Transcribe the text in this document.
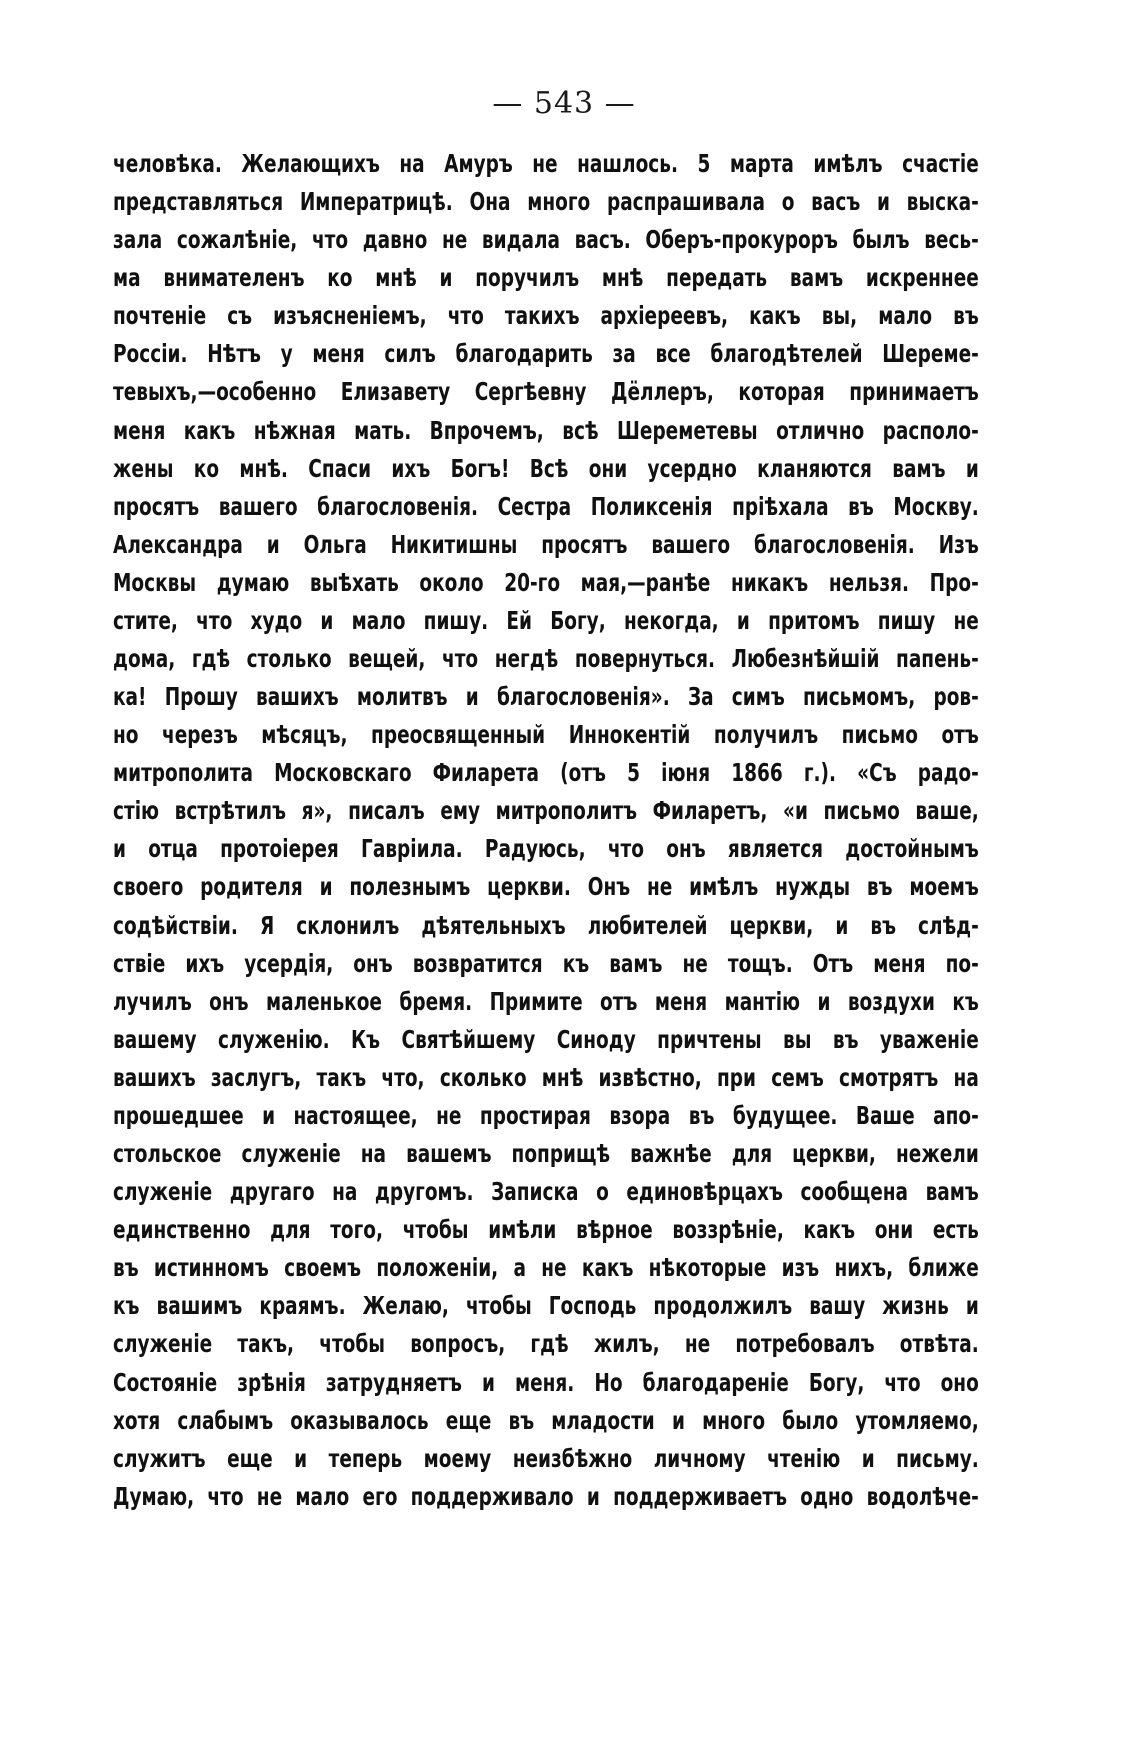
— 543 —
человѣка. Желающихъ на Амуръ не нашлось. 5 марта имѣлъ счастіе
представляться Императрицѣ. Она много распрашивала о васъ и выска-
зала сожалѣніе, что давно не видала васъ. Оберъ-прокуроръ былъ весь-
ма внимателенъ ко мнѣ и поручилъ мнѣ передать вамъ искреннее
почтеніе съ изъясненіемъ, что такихъ архіереевъ, какъ вы, мало въ
Россіи. Нѣтъ у меня силъ благодарить за все благодѣтелей Шереме-
тевыхъ,—особенно Елизавету Сергѣевну Дёллеръ, которая принимаетъ
меня какъ нѣжная мать. Впрочемъ, всѣ Шереметевы отлично располо-
жены ко мнѣ. Спаси ихъ Богъ! Всѣ они усердно кланяются вамъ и
просятъ вашего благословенія. Сестра Поликсенія пріѣхала въ Москву.
Александра и Ольга Никитишны просятъ вашего благословенія. Изъ
Москвы думаю выѣхать около 20-го мая,—ранѣе никакъ нельзя. Про-
стите, что худо и мало пишу. Ей Богу, некогда, и притомъ пишу не
дома, гдѣ столько вещей, что негдѣ повернуться. Любезнѣйшій папень-
ка! Прошу вашихъ молитвъ и благословенія». За симъ письмомъ, ров-
но черезъ мѣсяцъ, преосвященный Иннокентій получилъ письмо отъ
митрополита Московскаго Филарета (отъ 5 іюня 1866 г.). «Съ радо-
стію встрѣтилъ я», писалъ ему митрополитъ Филаретъ, «и письмо ваше,
и отца протоіерея Гавріила. Радуюсь, что онъ является достойнымъ
своего родителя и полезнымъ церкви. Онъ не имѣлъ нужды въ моемъ
содѣйствіи. Я склонилъ дѣятельныхъ любителей церкви, и въ слѣд-
ствіе ихъ усердія, онъ возвратится къ вамъ не тощъ. Отъ меня по-
лучилъ онъ маленькое бремя. Примите отъ меня мантію и воздухи къ
вашему служенію. Къ Святѣйшему Синоду причтены вы въ уваженіе
вашихъ заслугъ, такъ что, сколько мнѣ извѣстно, при семъ смотрятъ на
прошедшее и настоящее, не простирая взора въ будущее. Ваше апо-
стольское служеніе на вашемъ поприщѣ важнѣе для церкви, нежели
служеніе другаго на другомъ. Записка о единовѣрцахъ сообщена вамъ
единственно для того, чтобы имѣли вѣрное воззрѣніе, какъ они есть
въ истинномъ своемъ положеніи, а не какъ нѣкоторые изъ нихъ, ближе
къ вашимъ краямъ. Желаю, чтобы Господь продолжилъ вашу жизнь и
служеніе такъ, чтобы вопросъ, гдѣ жилъ, не потребовалъ отвѣта.
Состояніе зрѣнія затрудняетъ и меня. Но благодареніе Богу, что оно
хотя слабымъ оказывалось еще въ младости и много было утомляемо,
служитъ еще и теперь моему неизбѣжно личному чтенію и письму.
Думаю, что не мало его поддерживало и поддерживаетъ одно водолѣче-
